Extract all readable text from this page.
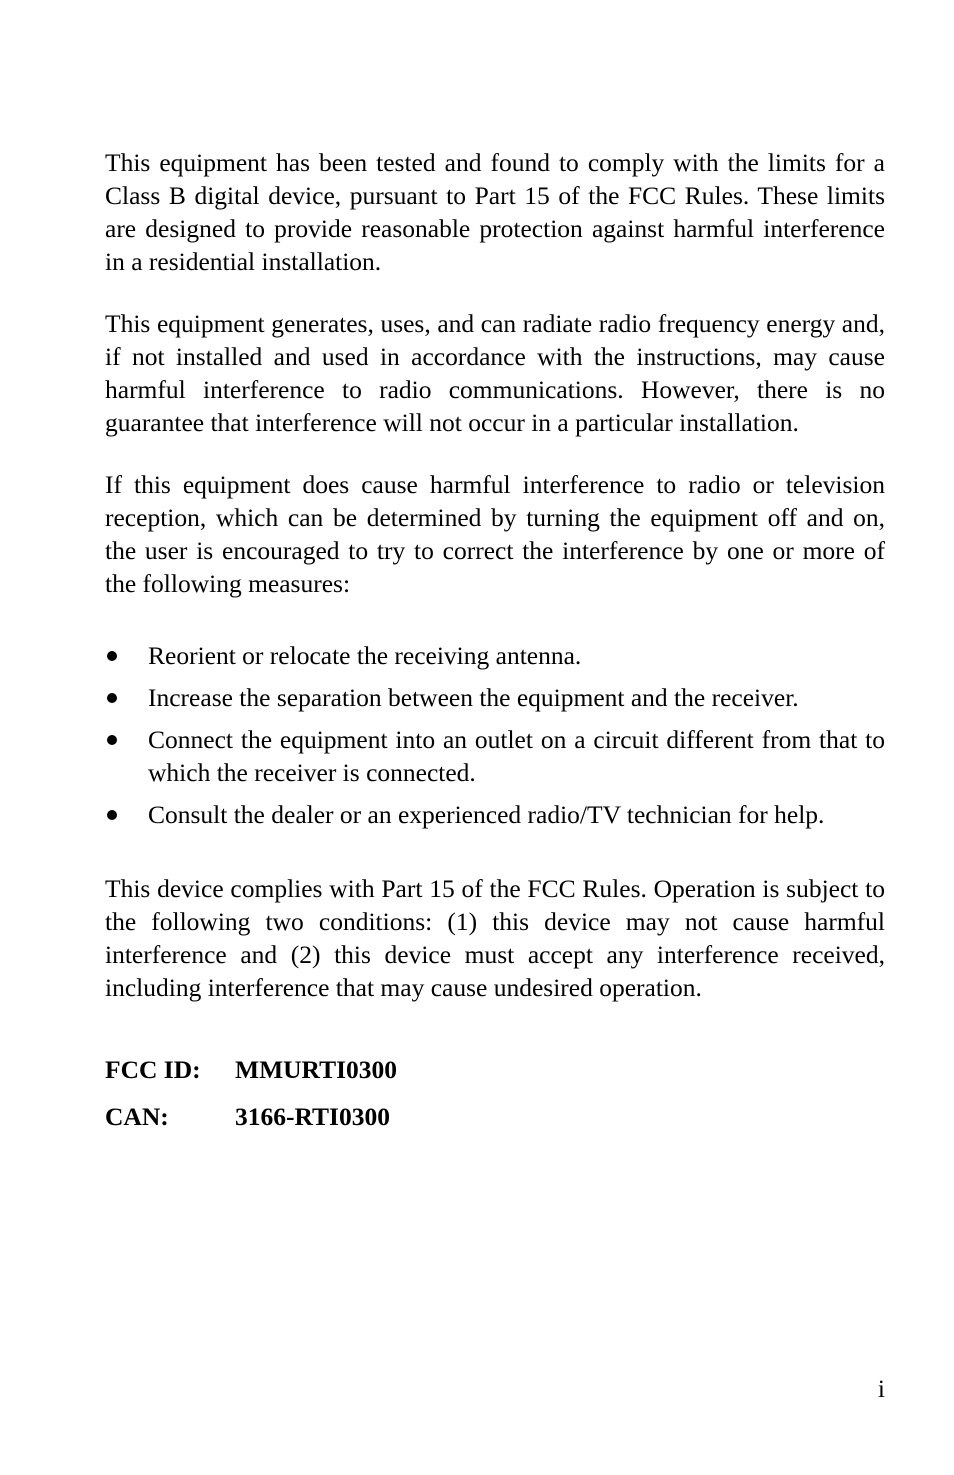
This equipment has been tested and found to comply with the limits for a Class B digital device, pursuant to Part 15 of the FCC Rules. These limits are designed to provide reasonable protection against harmful interference in a residential installation.

This equipment generates, uses, and can radiate radio frequency energy and, if not installed and used in accordance with the instructions, may cause harmful interference to radio communications. However, there is no guarantee that interference will not occur in a particular installation.

If this equipment does cause harmful interference to radio or television reception, which can be determined by turning the equipment off and on, the user is encouraged to try to correct the interference by one or more of the following measures:

Reorient or relocate the receiving antenna.
Increase the separation between the equipment and the receiver.
Connect the equipment into an outlet on a circuit different from that to which the receiver is connected.
Consult the dealer or an experienced radio/TV technician for help.

This device complies with Part 15 of the FCC Rules. Operation is subject to the following two conditions: (1) this device may not cause harmful interference and (2) this device must accept any interference received, including interference that may cause undesired operation.

FCC ID:	MMURTI0300
CAN:	3166-RTI0300
i
